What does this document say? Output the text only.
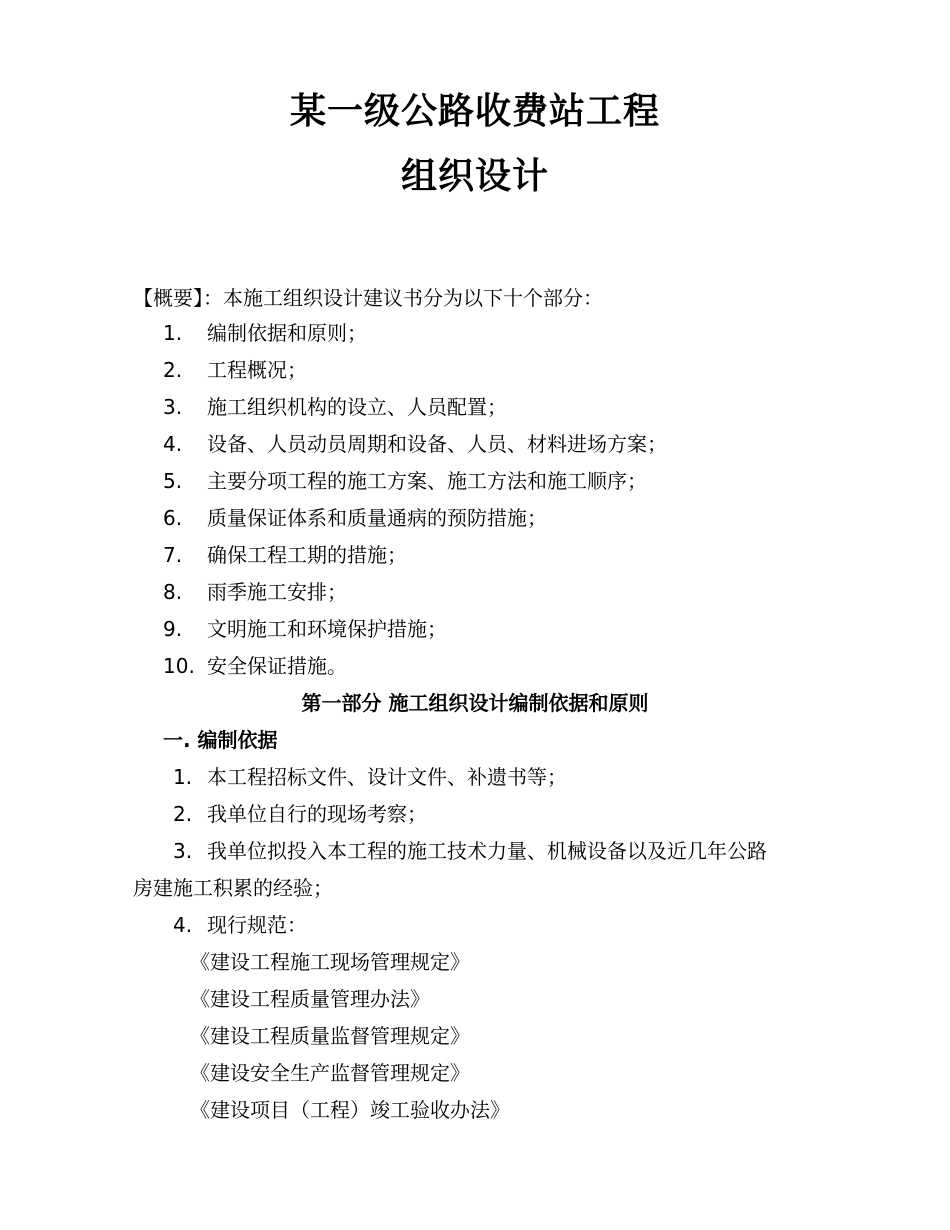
某一级公路收费站工程
组织设计
【概要】：本施工组织设计建议书分为以下十个部分：
1. 编制依据和原则；
2. 工程概况；
3. 施工组织机构的设立、人员配置；
4. 设备、人员动员周期和设备、人员、材料进场方案；
5. 主要分项工程的施工方案、施工方法和施工顺序；
6. 质量保证体系和质量通病的预防措施；
7. 确保工程工期的措施；
8. 雨季施工安排；
9. 文明施工和环境保护措施；
10. 安全保证措施。
第一部分 施工组织设计编制依据和原则
一. 编制依据
1. 本工程招标文件、设计文件、补遗书等；
2. 我单位自行的现场考察；
3. 我单位拟投入本工程的施工技术力量、机械设备以及近几年公路
房建施工积累的经验；
4. 现行规范：
《建设工程施工现场管理规定》
《建设工程质量管理办法》
《建设工程质量监督管理规定》
《建设安全生产监督管理规定》
《建设项目（工程）竣工验收办法》
